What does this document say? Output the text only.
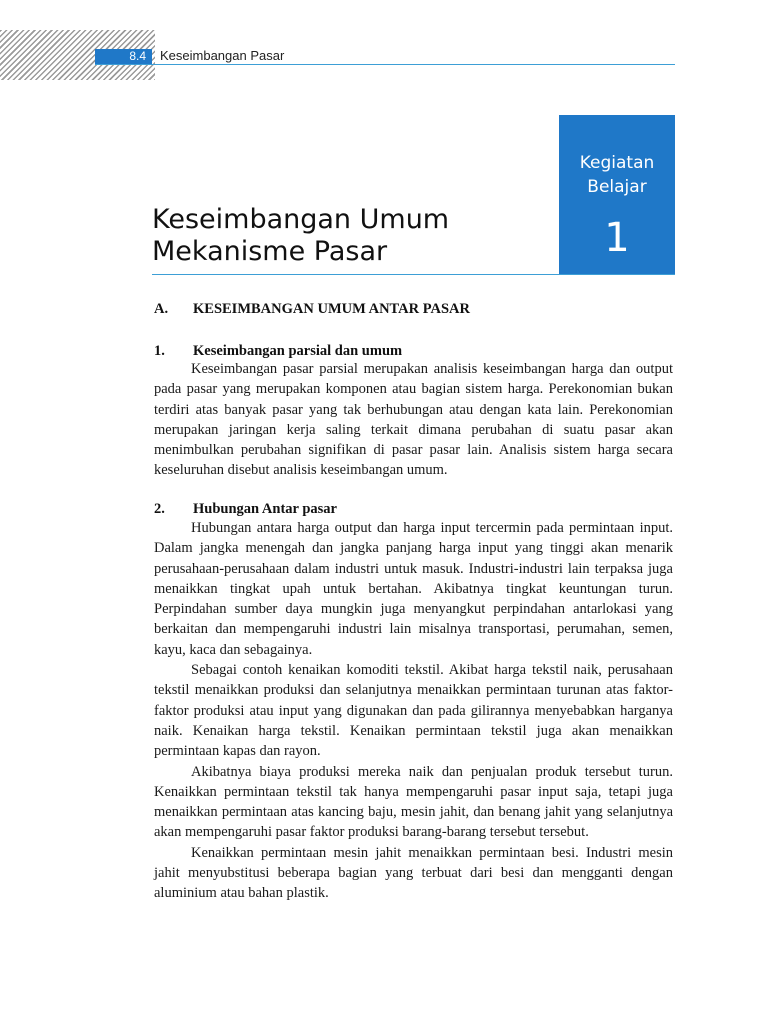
8.4	Keseimbangan Pasar
Kegiatan
Belajar
1
Keseimbangan Umum
Mekanisme Pasar
A. KESEIMBANGAN UMUM ANTAR PASAR
1. Keseimbangan parsial dan umum

Keseimbangan pasar parsial merupakan analisis keseimbangan harga dan output pada pasar yang merupakan komponen atau bagian sistem harga. Perekonomian bukan terdiri atas banyak pasar yang tak berhubungan atau dengan kata lain. Perekonomian merupakan jaringan kerja saling terkait dimana perubahan di suatu pasar akan menimbulkan perubahan signifikan di pasar pasar lain. Analisis sistem harga secara keseluruhan disebut analisis keseimbangan umum.

2. Hubungan Antar pasar

Hubungan antara harga output dan harga input tercermin pada permintaan input. Dalam jangka menengah dan jangka panjang harga input yang tinggi akan menarik perusahaan-perusahaan dalam industri untuk masuk. Industri-industri lain terpaksa juga menaikkan tingkat upah untuk bertahan. Akibatnya tingkat keuntungan turun. Perpindahan sumber daya mungkin juga menyangkut perpindahan antarlokasi yang berkaitan dan mempengaruhi industri lain misalnya transportasi, perumahan, semen, kayu, kaca dan sebagainya.

Sebagai contoh kenaikan komoditi tekstil. Akibat harga tekstil naik, perusahaan tekstil menaikkan produksi dan selanjutnya menaikkan permintaan turunan atas faktor-faktor produksi atau input yang digunakan dan pada gilirannya menyebabkan harganya naik. Kenaikan harga tekstil. Kenaikan permintaan tekstil juga akan menaikkan permintaan kapas dan rayon.

Akibatnya biaya produksi mereka naik dan penjualan produk tersebut turun. Kenaikkan permintaan tekstil tak hanya mempengaruhi pasar input saja, tetapi juga menaikkan permintaan atas kancing baju, mesin jahit, dan benang jahit yang selanjutnya akan mempengaruhi pasar faktor produksi barang-barang tersebut tersebut.

Kenaikkan permintaan mesin jahit menaikkan permintaan besi. Industri mesin jahit menyubstitusi beberapa bagian yang terbuat dari besi dan mengganti dengan aluminium atau bahan plastik.
